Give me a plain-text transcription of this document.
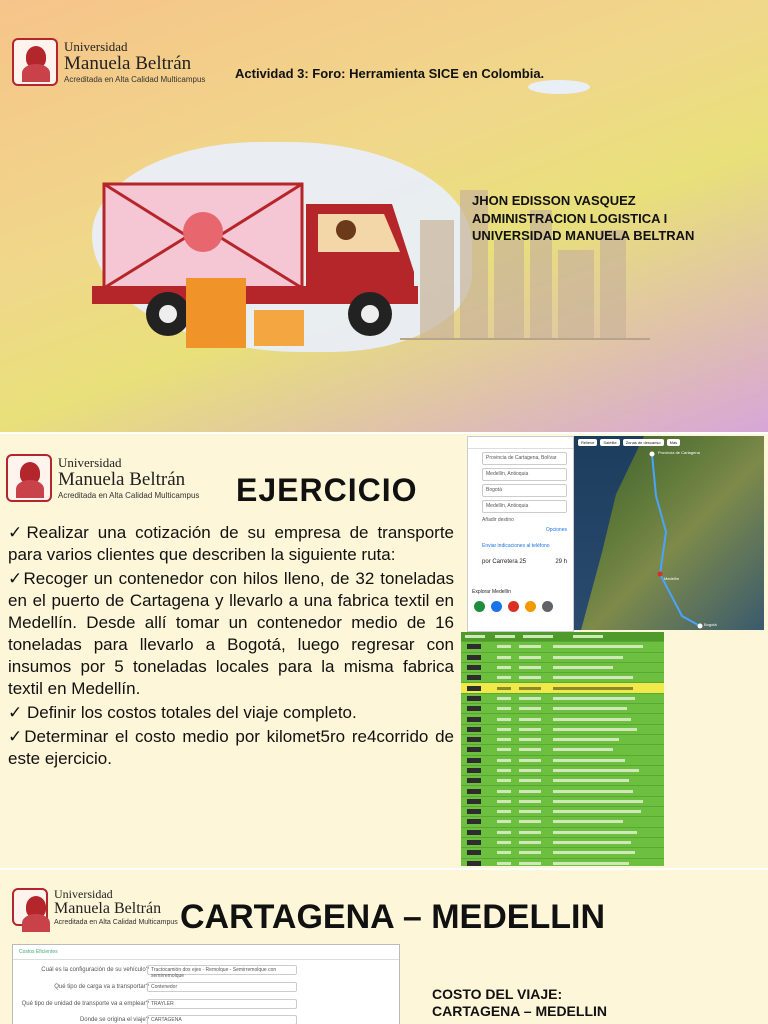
Universidad
Manuela Beltrán
Acreditada en Alta Calidad Multicampus Actividad 3: Foro: Herramienta SICE en Colombia.
JHON EDISSON VASQUEZ
ADMINISTRACION LOGISTICA I
UNIVERSIDAD MANUELA BELTRAN
Universidad
Manuela Beltrán
Acreditada en Alta Calidad Multicampus EJERCICIO

✓Realizar una cotización de su empresa de transporte para varios clientes que describen la siguiente ruta:

✓Recoger un contenedor con hilos lleno, de 32 toneladas en el puerto de Cartagena y llevarlo a una fabrica textil en Medellín. Desde allí tomar un contenedor medio de 16 toneladas para llevarlo a Bogotá, luego regresar con insumos por 5 toneladas locales para la misma fabrica textil en Medellín.

✓ Definir los costos totales del viaje completo.

✓Determinar el costo medio por kilomet5ro re4corrido de este ejercicio.

Provincia de Cartagena, Bolívar
Medellín, Antioquia
Bogotá
Medellín, Antioquia
Añadir destino
Opciones
Enviar indicaciones al teléfono
por Carretera 25	29 h
Explorar Medellín
Relieve	Satélite	Zonas de descanso	Más
Provincia de Cartagena
Medellín
Bogotá
Universidad
Manuela Beltrán
Acreditada en Alta Calidad Multicampus CARTAGENA – MEDELLIN
Costos Eficientes
Cuál es la configuración de su vehículo? Tractocamión dos ejes - Remolque - Semirremolque con semirremolque
Qué tipo de carga va a transportar? Contenedor
Qué tipo de unidad de transporte va a emplear? TRAYLER
Donde se origina el viaje? CARTAGENA
COSTO DEL VIAJE:
CARTAGENA – MEDELLIN
